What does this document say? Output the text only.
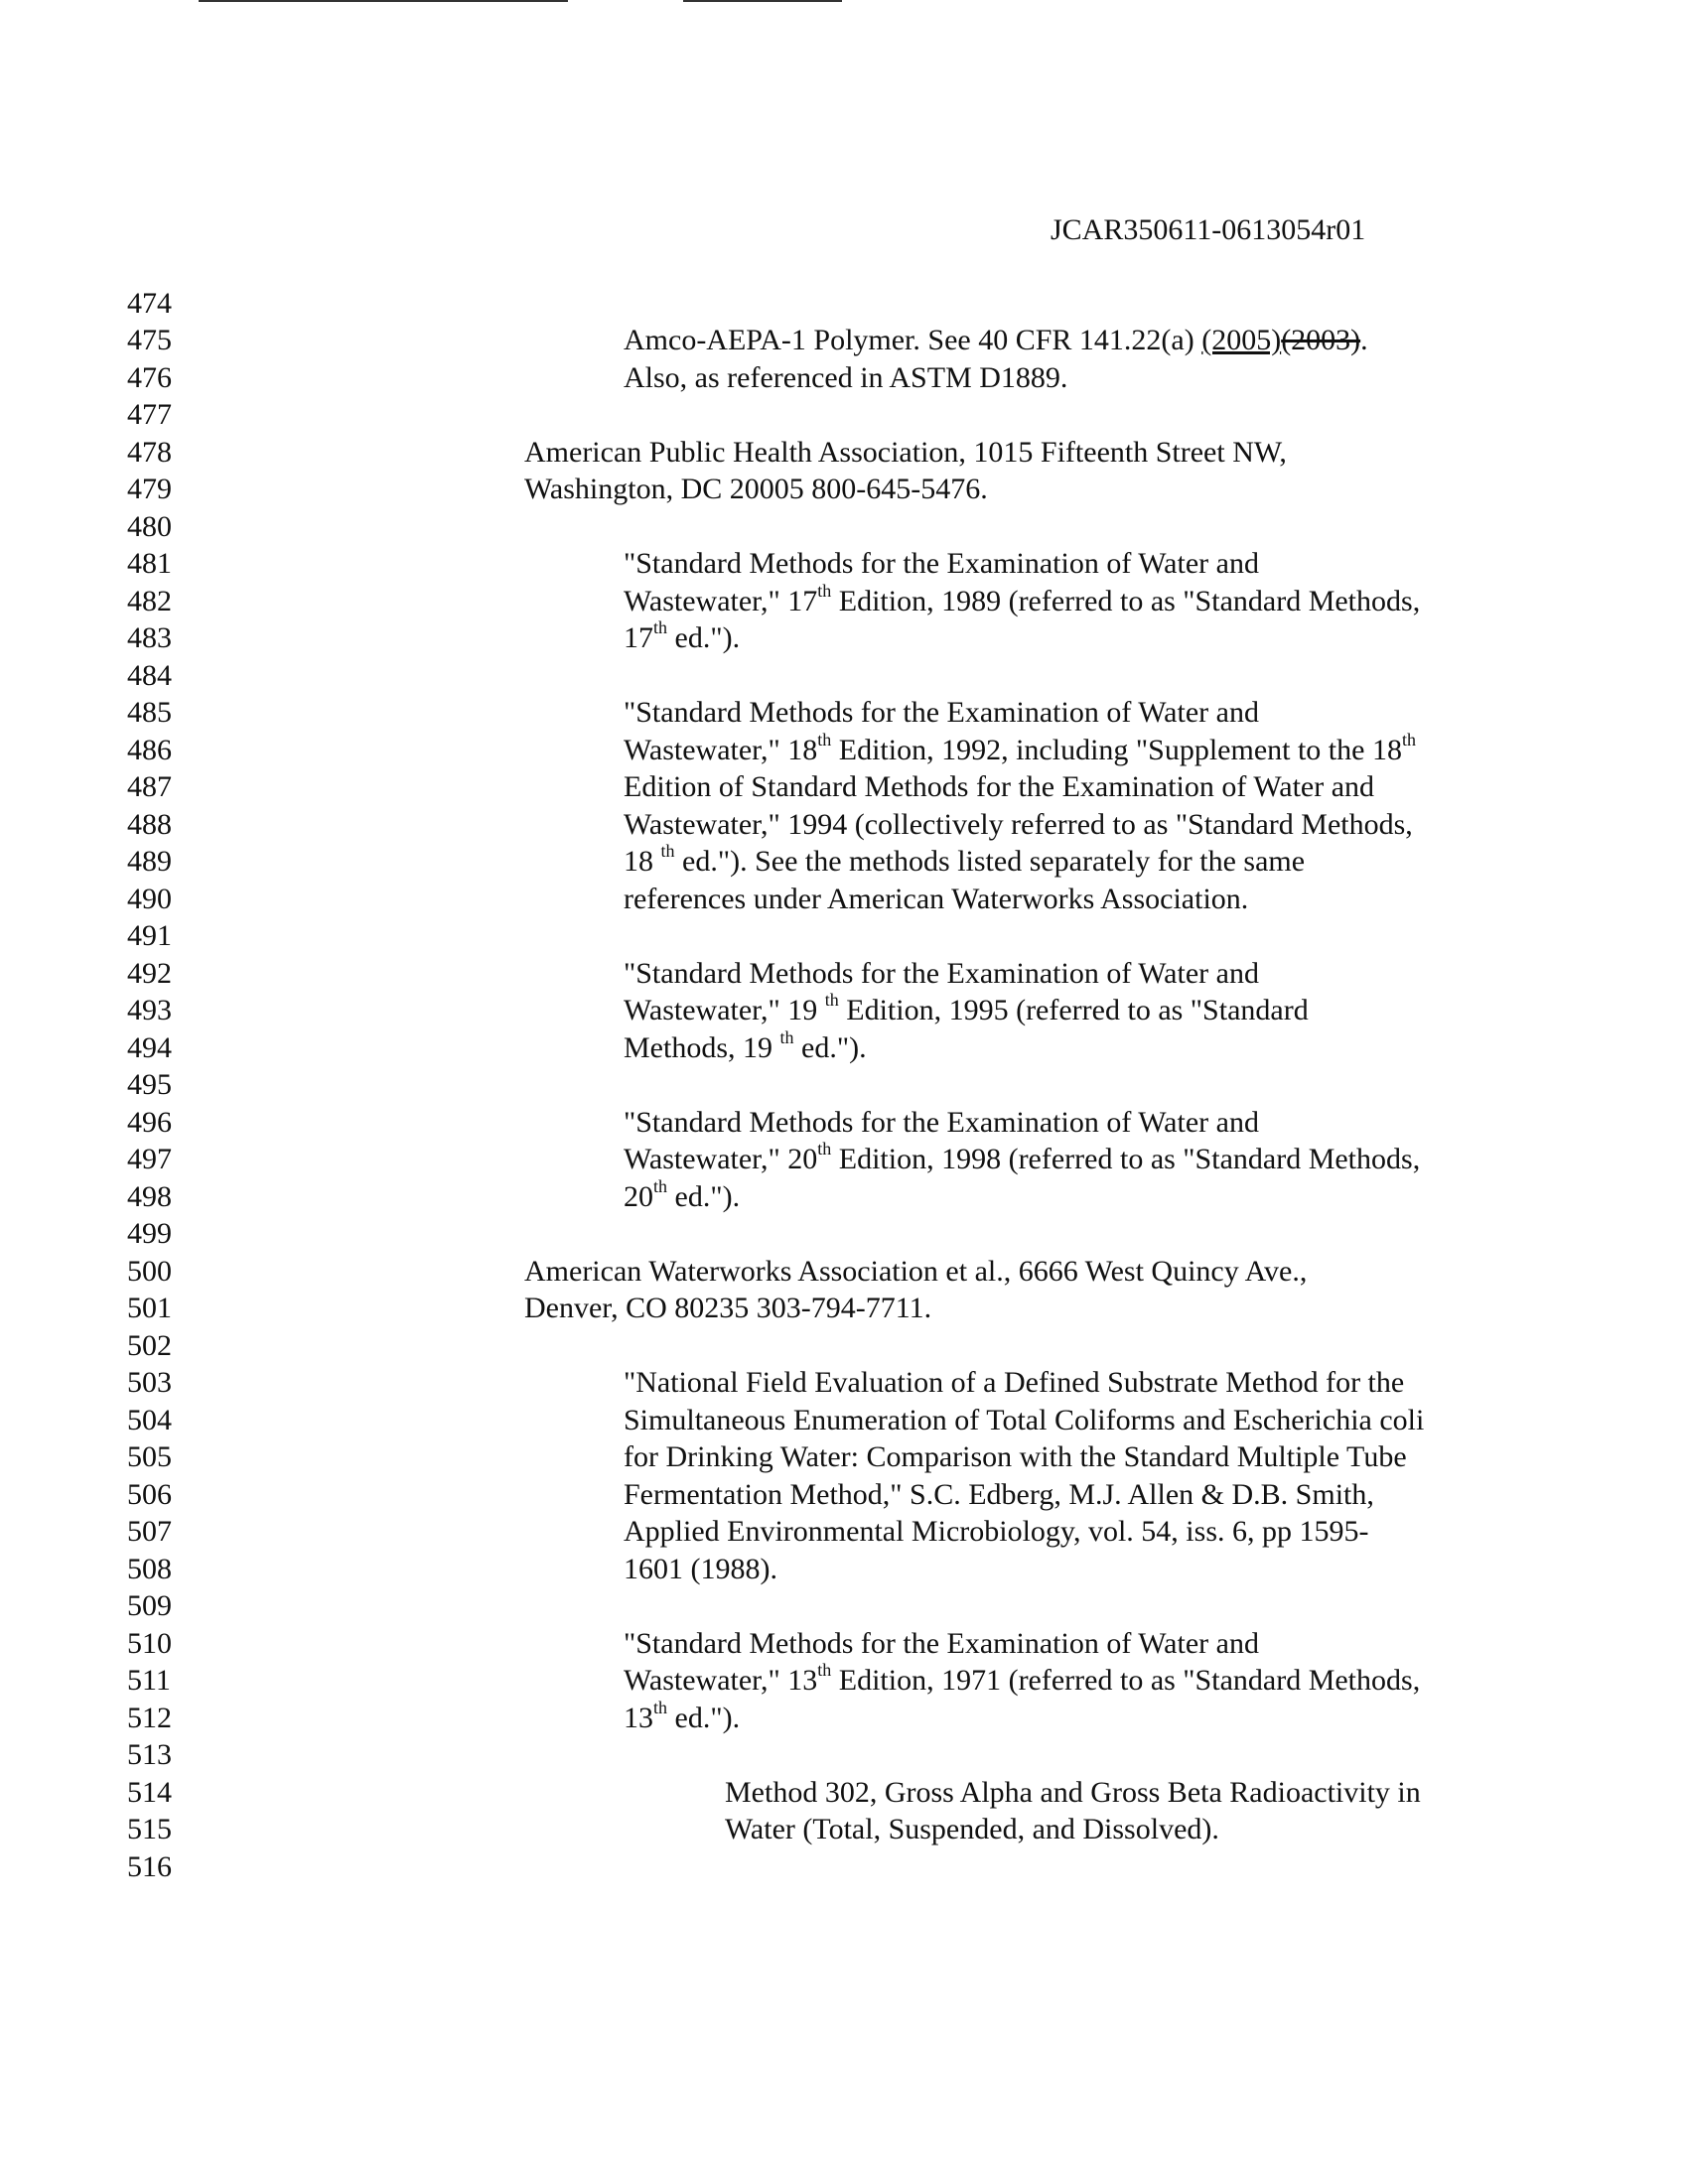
JCAR350611-0613054r01
474
475
476
477
478
479
480
481
482
483
484
485
486
487
488
489
490
491
492
493
494
495
496
497
498
499
500
501
502
503
504
505
506
507
508
509
510
511
512
513
514
515
516
Amco-AEPA-1 Polymer. See 40 CFR 141.22(a) (2005)(2003).
Also, as referenced in ASTM D1889.
American Public Health Association, 1015 Fifteenth Street NW,
Washington, DC 20005 800-645-5476.
"Standard Methods for the Examination of Water and
Wastewater," 17th Edition, 1989 (referred to as "Standard Methods,
17th ed.").
"Standard Methods for the Examination of Water and
Wastewater," 18th Edition, 1992, including "Supplement to the 18th
Edition of Standard Methods for the Examination of Water and
Wastewater," 1994 (collectively referred to as "Standard Methods,
18 $^{th}$ ed."). See the methods listed separately for the same
references under American Waterworks Association.
"Standard Methods for the Examination of Water and
Wastewater," 19 $^{th}$ Edition, 1995 (referred to as "Standard
Methods, 19 $^{th}$ ed.").
"Standard Methods for the Examination of Water and
Wastewater," 20th Edition, 1998 (referred to as "Standard Methods,
20th ed.").
American Waterworks Association et al., 6666 West Quincy Ave.,
Denver, CO 80235 303-794-7711.
"National Field Evaluation of a Defined Substrate Method for the
Simultaneous Enumeration of Total Coliforms and Escherichia coli
for Drinking Water: Comparison with the Standard Multiple Tube
Fermentation Method," S.C. Edberg, M.J. Allen & D.B. Smith,
Applied Environmental Microbiology, vol. 54, iss. 6, pp 1595-
1601 (1988).
"Standard Methods for the Examination of Water and
Wastewater," 13th Edition, 1971 (referred to as "Standard Methods,
13th ed.").
Method 302, Gross Alpha and Gross Beta Radioactivity in
Water (Total, Suspended, and Dissolved).
